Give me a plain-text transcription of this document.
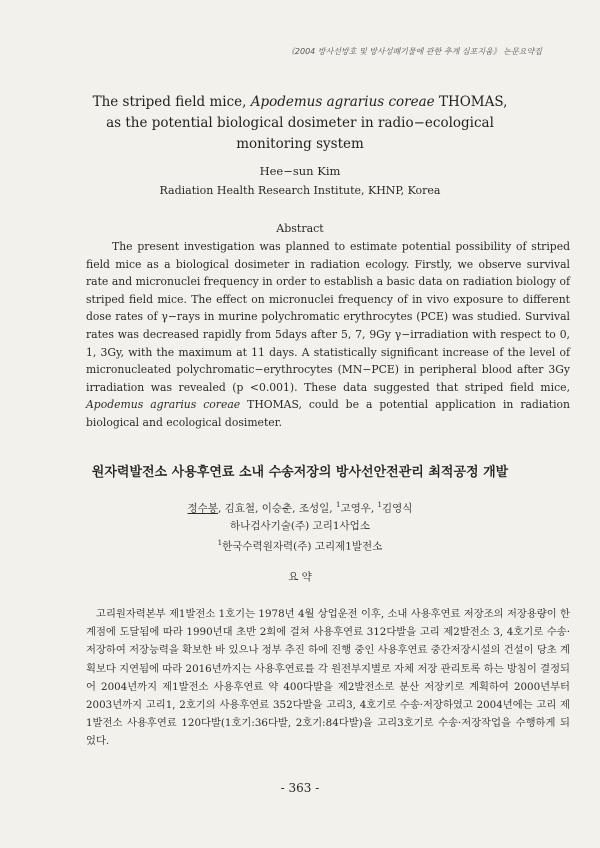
《2004 방사선방호 및 방사성폐기물에 관한 추계 심포지움》 논문요약집
The striped field mice, Apodemus agrarius coreae THOMAS,
as the potential biological dosimeter in radio−ecological
monitoring system
Hee−sun Kim
Radiation Health Research Institute, KHNP, Korea
Abstract

The present investigation was planned to estimate potential possibility of striped field mice as a biological dosimeter in radiation ecology. Firstly, we observe survival rate and micronuclei frequency in order to establish a basic data on radiation biology of striped field mice. The effect on micronuclei frequency of in vivo exposure to different dose rates of γ−rays in murine polychromatic erythrocytes (PCE) was studied. Survival rates was decreased rapidly from 5days after 5, 7, 9Gy γ−irradiation with respect to 0, 1, 3Gy, with the maximum at 11 days. A statistically significant increase of the level of micronucleated polychromatic−erythrocytes (MN−PCE) in peripheral blood after 3Gy irradiation was revealed (p <0.001). These data suggested that striped field mice, Apodemus agrarius coreae THOMAS, could be a potential application in radiation biological and ecological dosimeter.

원자력발전소 사용후연료 소내 수송저장의 방사선안전관리 최적공정 개발
정수봉, 김효철, 이승춘, 조성일, $^1$고영우, $^1$김영식
하나검사기술(주) 고리1사업소
$^1$한국수력원자력(주) 고리제1발전소
요 약

고리원자력본부 제1발전소 1호기는 1978년 4월 상업운전 이후, 소내 사용후연료 저장조의 저장용량이 한계점에 도달됨에 따라 1990년대 초반 2회에 걸쳐 사용후연료 312다발을 고리 제2발전소 3, 4호기로 수송·저장하여 저장능력을 확보한 바 있으나 정부 추진 하에 진행 중인 사용후연료 중간저장시설의 건설이 당초 계획보다 지연됨에 따라 2016년까지는 사용후연료를 각 원전부지별로 자체 저장 관리토록 하는 방침이 결정되어 2004년까지 제1발전소 사용후연료 약 400다발을 제2발전소로 분산 저장키로 계획하여 2000년부터 2003년까지 고리1, 2호기의 사용후연료 352다발을 고리3, 4호기로 수송·저장하였고 2004년에는 고리 제1발전소 사용후연료 120다발(1호기:36다발, 2호기:84다발)을 고리3호기로 수송·저장작업을 수행하게 되었다.

- 363 -
